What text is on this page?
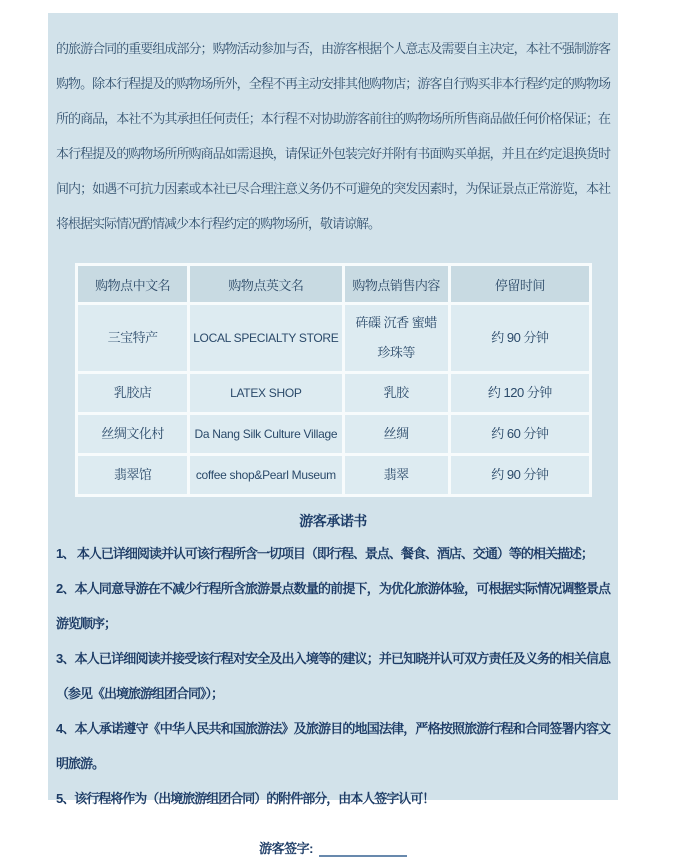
的旅游合同的重要组成部分；购物活动参加与否，由游客根据个人意志及需要自主决定，本社不强制游客购物。除本行程提及的购物场所外，全程不再主动安排其他购物店；游客自行购买非本行程约定的购物场所的商品，本社不为其承担任何责任；本行程不对协助游客前往的购物场所所售商品做任何价格保证；在本行程提及的购物场所所购商品如需退换，请保证外包装完好并附有书面购买单据，并且在约定退换货时间内；如遇不可抗力因素或本社已尽合理注意义务仍不可避免的突发因素时，为保证景点正常游览，本社将根据实际情况酌情减少本行程约定的购物场所，敬请谅解。

购物点中文名	购物点英文名	购物点销售内容	停留时间
三宝特产	LOCAL SPECIALTY STORE	砗磲 沉香 蜜蜡 珍珠等	约 90 分钟
乳胶店	LATEX SHOP	乳胶	约 120 分钟
丝绸文化村	Da Nang Silk Culture Village	丝绸	约 60 分钟
翡翠馆	coffee shop&Pearl Museum	翡翠	约 90 分钟
游客承诺书

1、 本人已详细阅读并认可该行程所含一切项目（即行程、景点、餐食、酒店、交通）等的相关描述；

2、本人同意导游在不减少行程所含旅游景点数量的前提下，为优化旅游体验，可根据实际情况调整景点游览顺序；

3、本人已详细阅读并接受该行程对安全及出入境等的建议；并已知晓并认可双方责任及义务的相关信息（参见《出境旅游组团合同》）；

4、本人承诺遵守《中华人民共和国旅游法》及旅游目的地国法律，严格按照旅游行程和合同签署内容文明旅游。

5、该行程将作为（出境旅游组团合同）的附件部分，由本人签字认可！

游客签字:
